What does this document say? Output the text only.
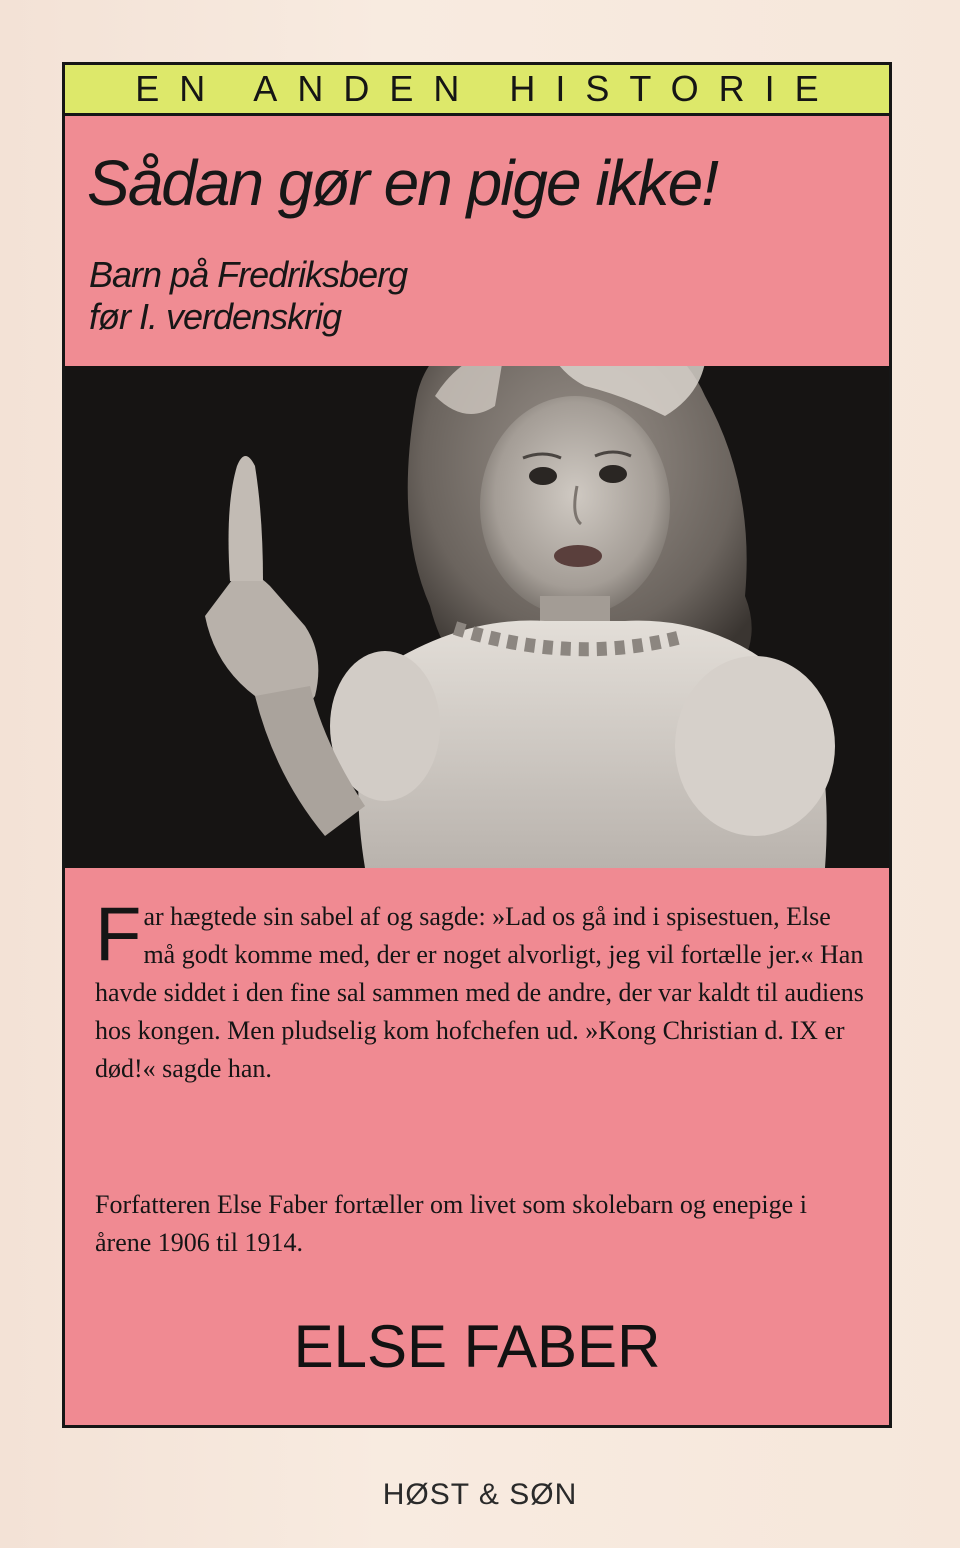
EN ANDEN HISTORIE
Sådan gør en pige ikke!
Barn på Fredriksberg
før I. verdenskrig
Far hægtede sin sabel af og sagde: »Lad os gå ind i spisestuen, Else må godt komme med, der er noget alvorligt, jeg vil fortælle jer.« Han havde siddet i den fine sal sammen med de andre, der var kaldt til audiens hos kongen. Men pludselig kom hofchefen ud. »Kong Christian d. IX er død!« sagde han.
Forfatteren Else Faber fortæller om livet som skolebarn og enepige i årene 1906 til 1914.
ELSE FABER
HØST & SØN
